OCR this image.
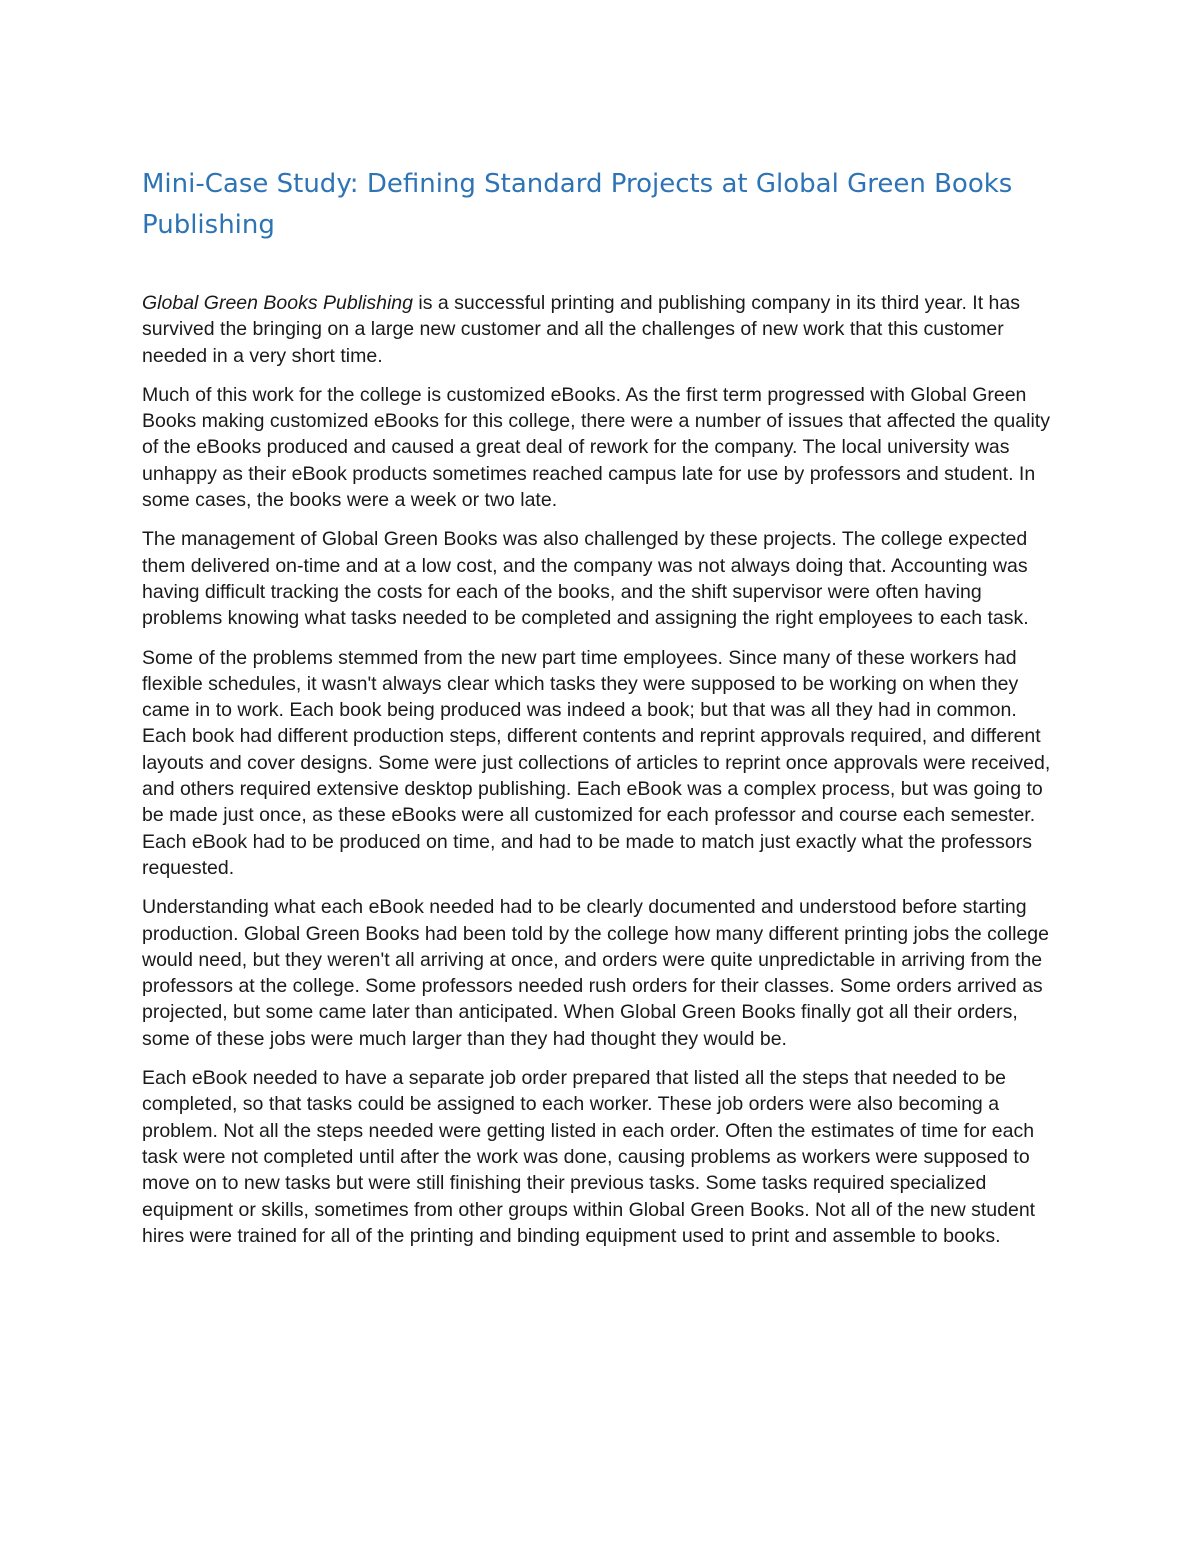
Mini-Case Study: Defining Standard Projects at Global Green Books Publishing

Global Green Books Publishing is a successful printing and publishing company in its third year. It has survived the bringing on a large new customer and all the challenges of new work that this customer needed in a very short time.

Much of this work for the college is customized eBooks. As the first term progressed with Global Green Books making customized eBooks for this college, there were a number of issues that affected the quality of the eBooks produced and caused a great deal of rework for the company. The local university was unhappy as their eBook products sometimes reached campus late for use by professors and student. In some cases, the books were a week or two late.

The management of Global Green Books was also challenged by these projects. The college expected them delivered on-time and at a low cost, and the company was not always doing that. Accounting was having difficult tracking the costs for each of the books, and the shift supervisor were often having problems knowing what tasks needed to be completed and assigning the right employees to each task.

Some of the problems stemmed from the new part time employees. Since many of these workers had flexible schedules, it wasn't always clear which tasks they were supposed to be working on when they came in to work. Each book being produced was indeed a book; but that was all they had in common. Each book had different production steps, different contents and reprint approvals required, and different layouts and cover designs. Some were just collections of articles to reprint once approvals were received, and others required extensive desktop publishing. Each eBook was a complex process, but was going to be made just once, as these eBooks were all customized for each professor and course each semester. Each eBook had to be produced on time, and had to be made to match just exactly what the professors requested.

Understanding what each eBook needed had to be clearly documented and understood before starting production. Global Green Books had been told by the college how many different printing jobs the college would need, but they weren't all arriving at once, and orders were quite unpredictable in arriving from the professors at the college. Some professors needed rush orders for their classes. Some orders arrived as projected, but some came later than anticipated. When Global Green Books finally got all their orders, some of these jobs were much larger than they had thought they would be.

Each eBook needed to have a separate job order prepared that listed all the steps that needed to be completed, so that tasks could be assigned to each worker. These job orders were also becoming a problem. Not all the steps needed were getting listed in each order. Often the estimates of time for each task were not completed until after the work was done, causing problems as workers were supposed to move on to new tasks but were still finishing their previous tasks. Some tasks required specialized equipment or skills, sometimes from other groups within Global Green Books. Not all of the new student hires were trained for all of the printing and binding equipment used to print and assemble to books.
